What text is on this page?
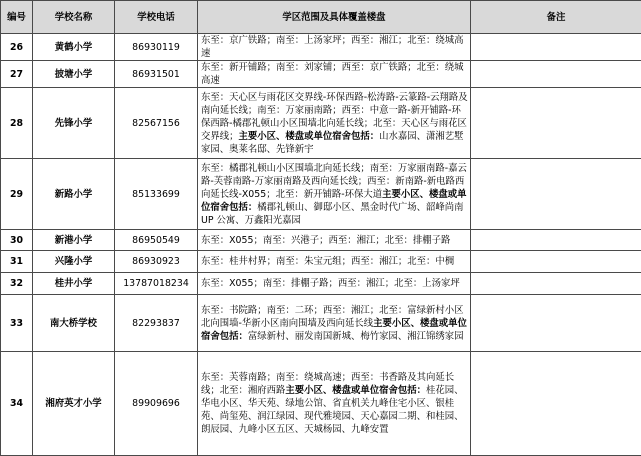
编号	学校名称	学校电话	学区范围及具体覆盖楼盘	备注
26	黄鹤小学	86930119	东至：京广铁路；南至：上汤家坪；西至：湘江；北至：绕城高速	
27	披塘小学	86931501	东至：新开铺路；南至：刘家铺；西至：京广铁路；北至：绕城高速	
28	先锋小学	82567156	东至：天心区与雨花区交界线-环保西路-松涛路-云篆路-云翔路及南向延长线；南至：万家丽南路；西至：中意一路-新开铺路-环保西路-橘郡礼顿山小区围墙北向延长线；北至：天心区与雨花区交界线；主要小区、楼盘或单位宿舍包括：山水嘉园、潇湘艺墅家园、奥莱名邸、先锋新宇	
29	新路小学	85133699	东至：橘郡礼顿山小区围墙北向延长线；南至：万家丽南路-嘉云路-芙蓉南路-万家丽南路及西向延长线；西至：新南路-新电路西向延长线-X055；北至：新开铺路-环保大道主要小区、楼盘或单位宿舍包括：橘郡礼顿山、御邸小区、黑金时代广场、韶峰尚南 UP 公寓、万鑫阳光嘉园	
30	新港小学	86950549	东至：X055；南至：兴港子；西至：湘江；北至：排棚子路	
31	兴隆小学	86930923	东至：桂井村界；南至：朱宝元组；西至：湘江；北至：中椆	
32	桂井小学	13787018234	东至：X055；南至：排棚子路；西至：湘江；北至：上汤家坪	
33	南大桥学校	82293837	东至：书院路；南至：二环；西至：湘江；北至：富绿新村小区北向围墙-华新小区南向围墙及西向延长线主要小区、楼盘或单位宿舍包括：富绿新村、丽发南国新城、梅竹家园、湘江锦绣家园	
34	湘府英才小学	89909696	东至：芙蓉南路；南至：绕城高速；西至：书香路及其向延长线；北至：湘府西路主要小区、楼盘或单位宿舍包括：桂花园、华电小区、华天苑、绿地公馆、省直机关九峰住宅小区、银桂苑、尚玺苑、润江绿园、现代雅境园、天心嘉园二期、和桂园、朗辰园、九峰小区五区、天城杨园、九峰安置	
